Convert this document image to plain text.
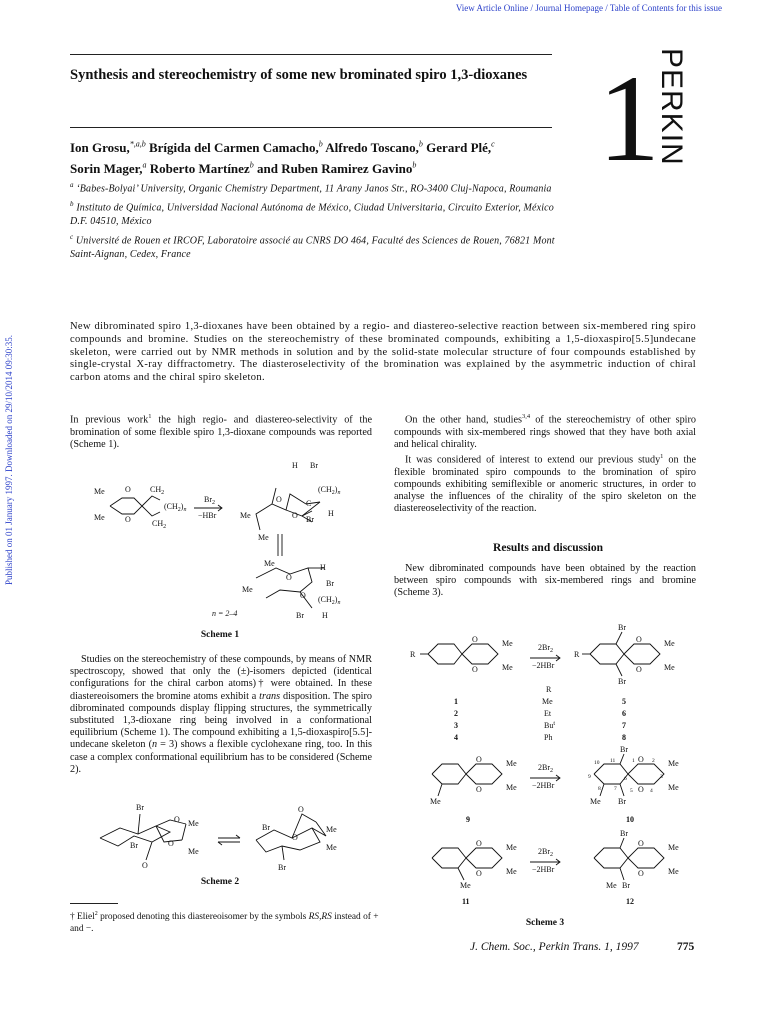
View Article Online / Journal Homepage / Table of Contents for this issue
Published on 01 January 1997. Downloaded on 29/10/2014 09:30:35.
Synthesis and stereochemistry of some new brominated spiro 1,3-dioxanes 1
PERKIN
Ion Grosu,$^{*,a,b}$ Brígida del Carmen Camacho,$^b$ Alfredo Toscano,$^b$ Gerard Plé,$^c$
Sorin Mager,$^a$ Roberto Martínez$^b$ and Ruben Ramirez Gavino$^b$
$^a$ ‘Babes-Bolyai’ University, Organic Chemistry Department, 11 Arany Janos Str., RO-3400 Cluj-Napoca, Roumania
$^b$ Instituto de Química, Universidad Nacional Autónoma de México, Ciudad Universitaria, Circuito Exterior, México D.F. 04510, México
$^c$ Université de Rouen et IRCOF, Laboratoire associé au CNRS DO 464, Faculté des Sciences de Rouen, 76821 Mont Saint-Aignan, Cedex, France
New dibrominated spiro 1,3-dioxanes have been obtained by a regio- and diastereo-selective reaction between six-membered ring spiro compounds and bromine. Studies on the stereochemistry of these brominated compounds, exhibiting a 1,5-dioxaspiro[5.5]undecane skeleton, were carried out by NMR methods in solution and by the solid-state molecular structure of four compounds established by single-crystal X-ray diffractometry. The diasteroselectivity of the bromination was explained by the asymmetric induction of chiral carbon atoms and the chiral spiro skeleton.

In previous work$^1$ the high regio- and diastereo-selectivity of the bromination of some flexible spiro 1,3-dioxane compounds was reported (Scheme 1).

Me
Me	O
O
$CH_2$
$CH_2$
$(CH_2)_n$
$Br_2$
−HBr
H Br
Me
Me
O
O
C
$(CH_2)_n$
Br
H
Me
Me
H
Br
O
O $(CH_2)_n$
Br H
n = 2–4
Scheme 1

Studies on the stereochemistry of these compounds, by means of NMR spectroscopy, showed that only the (±)-isomers depicted (identical configurations for the chiral carbon atoms)† were obtained. In these diastereoisomers the bromine atoms exhibit a trans disposition. The spiro dibrominated compounds display flipping structures, the symmetrically substituted 1,3-dioxane ring being involved in a conformational equilibrium (Scheme 1). The compound exhibiting a 1,5-dioxaspiro[5.5]-undecane skeleton (n = 3) shows a flexible cyclohexane ring, too. In this case a complex conformational equilibrium has to be considered (Scheme 2).

Br
O Me
Br	O
Me
O
O
Br	Me
Me
O
Br
Scheme 2
† Eliel$^2$ proposed denoting this diastereoisomer by the symbols RS,RS instead of + and −.

On the other hand, studies$^{3,4}$ of the stereochemistry of other spiro compounds with six-membered rings showed that they have both axial and helical chirality.

It was considered of interest to extend our previous study$^1$ on the flexible brominated spiro compounds to the bromination of spiro compounds exhibiting semiflexible or anomeric structures, in order to analyse the influences of the chirality of the spiro skeleton on the diastereoselectivity of the reaction.

Results and discussion

New dibrominated compounds have been obtained by the reaction between spiro compounds with six-membered rings and bromine (Scheme 3).

R
O
O
Me
Me
$2Br_2$
−2HBr
R
Br
Br
O
O
Me
Me
R
1	Me	5
2	Et	6
3	Bu$^t$	7
4	Ph	8
O
O
Me
Me
Me
$2Br_2$
−2HBr
9
Br
O
O
Me
Me
Me Br
10
1	2
3
4
5
6
7
8
9
10 11
O
O
Me
Me
Me
$2Br_2$
−2HBr
11
Br
O
O
Me
Me
Me Br
12
Scheme 3
J. Chem. Soc., Perkin Trans. 1, 1997	775
